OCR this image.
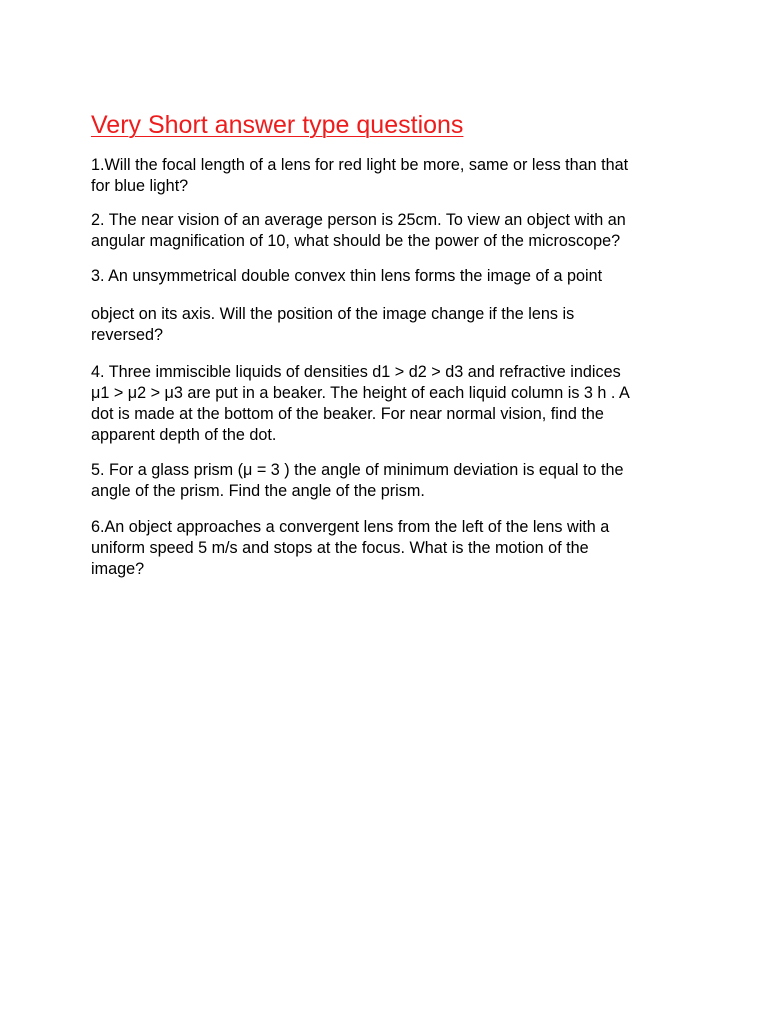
Very Short answer type questions

1.Will the focal length of a lens for red light be more, same or less than that
for blue light?

2. The near vision of an average person is 25cm. To view an object with an
angular magnification of 10, what should be the power of the microscope?

3. An unsymmetrical double convex thin lens forms the image of a point

object on its axis. Will the position of the image change if the lens is
reversed?

4. Three immiscible liquids of densities d1 > d2 > d3 and refractive indices
μ1 > μ2 > μ3 are put in a beaker. The height of each liquid column is 3 h . A
dot is made at the bottom of the beaker. For near normal vision, find the
apparent depth of the dot.

5. For a glass prism (μ = 3 ) the angle of minimum deviation is equal to the
angle of the prism. Find the angle of the prism.

6.An object approaches a convergent lens from the left of the lens with a
uniform speed 5 m/s and stops at the focus. What is the motion of the
image?
